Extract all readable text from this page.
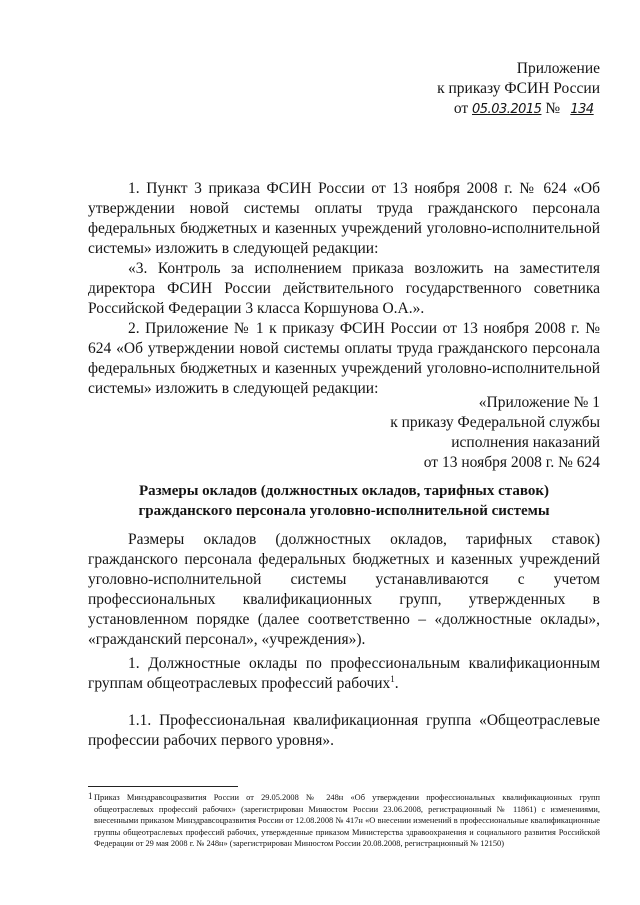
Приложение
к приказу ФСИН России
от 05.03.2015 № 134

1. Пункт 3 приказа ФСИН России от 13 ноября 2008 г. № 624 «Об утверждении новой системы оплаты труда гражданского персонала федеральных бюджетных и казенных учреждений уголовно-исполнительной системы» изложить в следующей редакции:

«3. Контроль за исполнением приказа возложить на заместителя директора ФСИН России действительного государственного советника Российской Федерации 3 класса Коршунова О.А.».

2. Приложение № 1 к приказу ФСИН России от 13 ноября 2008 г. № 624 «Об утверждении новой системы оплаты труда гражданского персонала федеральных бюджетных и казенных учреждений уголовно-исполнительной системы» изложить в следующей редакции:

«Приложение № 1
к приказу Федеральной службы
исполнения наказаний
от 13 ноября 2008 г. № 624
Размеры окладов (должностных окладов, тарифных ставок)
гражданского персонала уголовно-исполнительной системы

Размеры окладов (должностных окладов, тарифных ставок) гражданского персонала федеральных бюджетных и казенных учреждений уголовно-исполнительной системы устанавливаются с учетом профессиональных квалификационных групп, утвержденных в установленном порядке (далее соответственно – «должностные оклады», «гражданский персонал», «учреждения»).

1. Должностные оклады по профессиональным квалификационным группам общеотраслевых профессий рабочих$^1$.

1.1. Профессиональная квалификационная группа «Общеотраслевые профессии рабочих первого уровня».

1 Приказ Минздравсоцразвития России от 29.05.2008 № 248н «Об утверждении профессиональных квалификационных групп общеотраслевых профессий рабочих» (зарегистрирован Минюстом России 23.06.2008, регистрационный № 11861) с изменениями, внесенными приказом Минздравсоцразвития России от 12.08.2008 № 417н «О внесении изменений в профессиональные квалификационные группы общеотраслевых профессий рабочих, утвержденные приказом Министерства здравоохранения и социального развития Российской Федерации от 29 мая 2008 г. № 248н» (зарегистрирован Минюстом России 20.08.2008, регистрационный № 12150)
